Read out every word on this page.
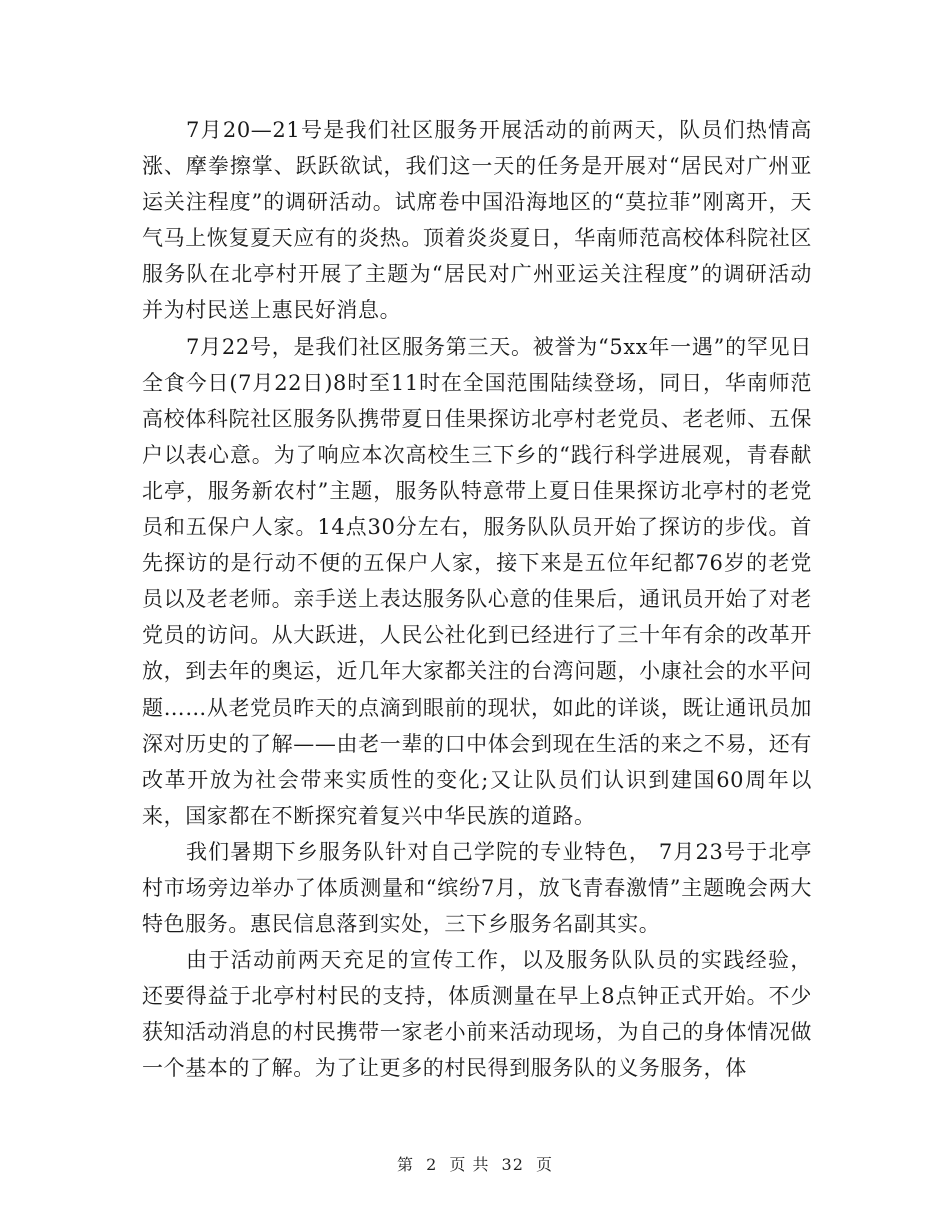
7月20—21号是我们社区服务开展活动的前两天，队员们热情高涨、摩拳擦掌、跃跃欲试，我们这一天的任务是开展对“居民对广州亚运关注程度”的调研活动。试席卷中国沿海地区的“莫拉菲”刚离开，天气马上恢复夏天应有的炎热。顶着炎炎夏日，华南师范高校体科院社区服务队在北亭村开展了主题为“居民对广州亚运关注程度”的调研活动并为村民送上惠民好消息。

7月22号，是我们社区服务第三天。被誉为“5xx年一遇”的罕见日全食今日(7月22日)8时至11时在全国范围陆续登场，同日，华南师范高校体科院社区服务队携带夏日佳果探访北亭村老党员、老老师、五保户以表心意。为了响应本次高校生三下乡的“践行科学进展观，青春献北亭，服务新农村”主题，服务队特意带上夏日佳果探访北亭村的老党员和五保户人家。14点30分左右，服务队队员开始了探访的步伐。首先探访的是行动不便的五保户人家，接下来是五位年纪都76岁的老党员以及老老师。亲手送上表达服务队心意的佳果后，通讯员开始了对老党员的访问。从大跃进，人民公社化到已经进行了三十年有余的改革开放，到去年的奥运，近几年大家都关注的台湾问题，小康社会的水平问题……从老党员昨天的点滴到眼前的现状，如此的详谈，既让通讯员加深对历史的了解——由老一辈的口中体会到现在生活的来之不易，还有改革开放为社会带来实质性的变化;又让队员们认识到建国60周年以来，国家都在不断探究着复兴中华民族的道路。

我们暑期下乡服务队针对自己学院的专业特色， 7月23号于北亭村市场旁边举办了体质测量和“缤纷7月，放飞青春激情”主题晚会两大特色服务。惠民信息落到实处，三下乡服务名副其实。

由于活动前两天充足的宣传工作，以及服务队队员的实践经验，还要得益于北亭村村民的支持，体质测量在早上8点钟正式开始。不少获知活动消息的村民携带一家老小前来活动现场，为自己的身体情况做一个基本的了解。为了让更多的村民得到服务队的义务服务，体

第 2 页 共 32 页
